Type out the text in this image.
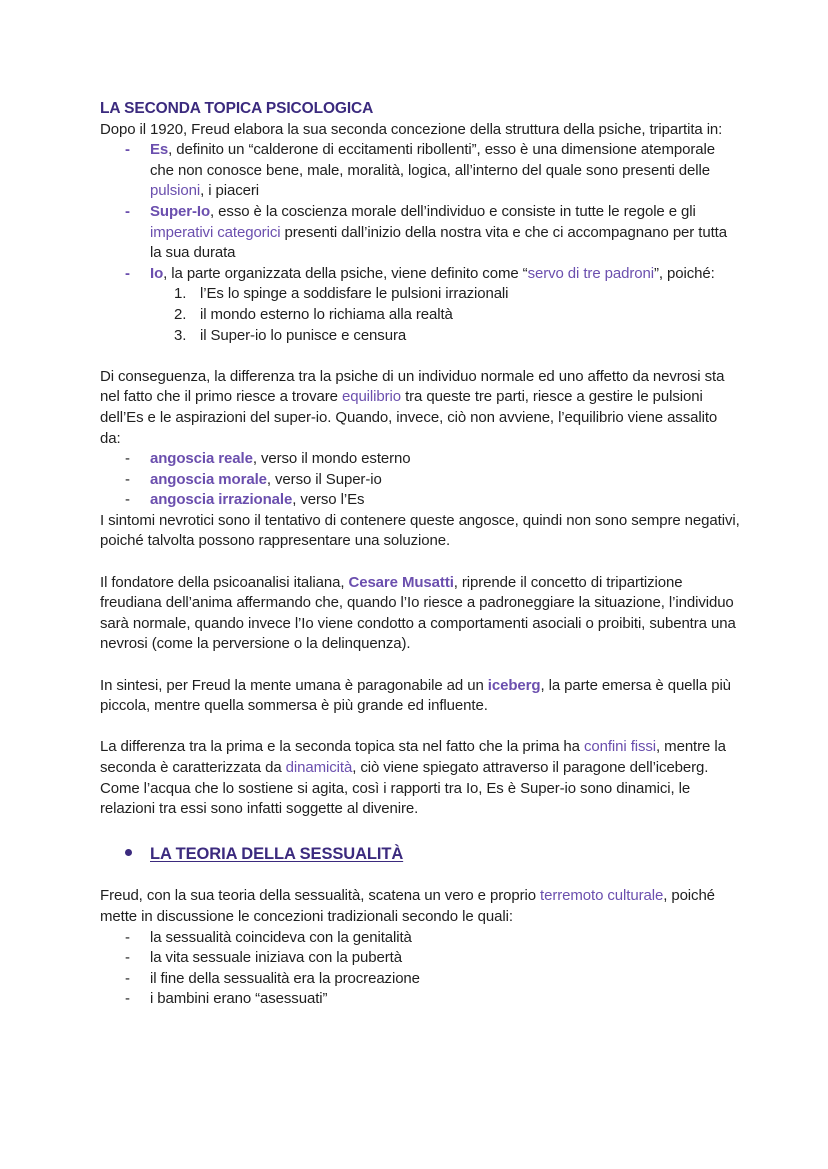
LA SECONDA TOPICA PSICOLOGICA

Dopo il 1920, Freud elabora la sua seconda concezione della struttura della psiche, tripartita in:

- Es, definito un “calderone di eccitamenti ribollenti”, esso è una dimensione atemporale che non conosce bene, male, moralità, logica, all’interno del quale sono presenti delle pulsioni, i piaceri
- Super-Io, esso è la coscienza morale dell’individuo e consiste in tutte le regole e gli imperativi categorici presenti dall’inizio della nostra vita e che ci accompagnano per tutta la sua durata
- Io, la parte organizzata della psiche, viene definito come “servo di tre padroni”, poiché:
1. l’Es lo spinge a soddisfare le pulsioni irrazionali
2. il mondo esterno lo richiama alla realtà
3. il Super-io lo punisce e censura

Di conseguenza, la differenza tra la psiche di un individuo normale ed uno affetto da nevrosi sta nel fatto che il primo riesce a trovare equilibrio tra queste tre parti, riesce a gestire le pulsioni dell’Es e le aspirazioni del super-io. Quando, invece, ciò non avviene, l’equilibrio viene assalito da:

- angoscia reale, verso il mondo esterno
- angoscia morale, verso il Super-io
- angoscia irrazionale, verso l’Es

I sintomi nevrotici sono il tentativo di contenere queste angosce, quindi non sono sempre negativi, poiché talvolta possono rappresentare una soluzione.

Il fondatore della psicoanalisi italiana, Cesare Musatti, riprende il concetto di tripartizione freudiana dell’anima affermando che, quando l’Io riesce a padroneggiare la situazione, l’individuo sarà normale, quando invece l’Io viene condotto a comportamenti asociali o proibiti, subentra una nevrosi (come la perversione o la delinquenza).

In sintesi, per Freud la mente umana è paragonabile ad un iceberg, la parte emersa è quella più piccola, mentre quella sommersa è più grande ed influente.

La differenza tra la prima e la seconda topica sta nel fatto che la prima ha confini fissi, mentre la seconda è caratterizzata da dinamicità, ciò viene spiegato attraverso il paragone dell’iceberg. Come l’acqua che lo sostiene si agita, così i rapporti tra Io, Es è Super-io sono dinamici, le relazioni tra essi sono infatti soggette al divenire.

LA TEORIA DELLA SESSUALITÀ

Freud, con la sua teoria della sessualità, scatena un vero e proprio terremoto culturale, poiché mette in discussione le concezioni tradizionali secondo le quali:

- la sessualità coincideva con la genitalità
- la vita sessuale iniziava con la pubertà
- il fine della sessualità era la procreazione
- i bambini erano “asessuati”
